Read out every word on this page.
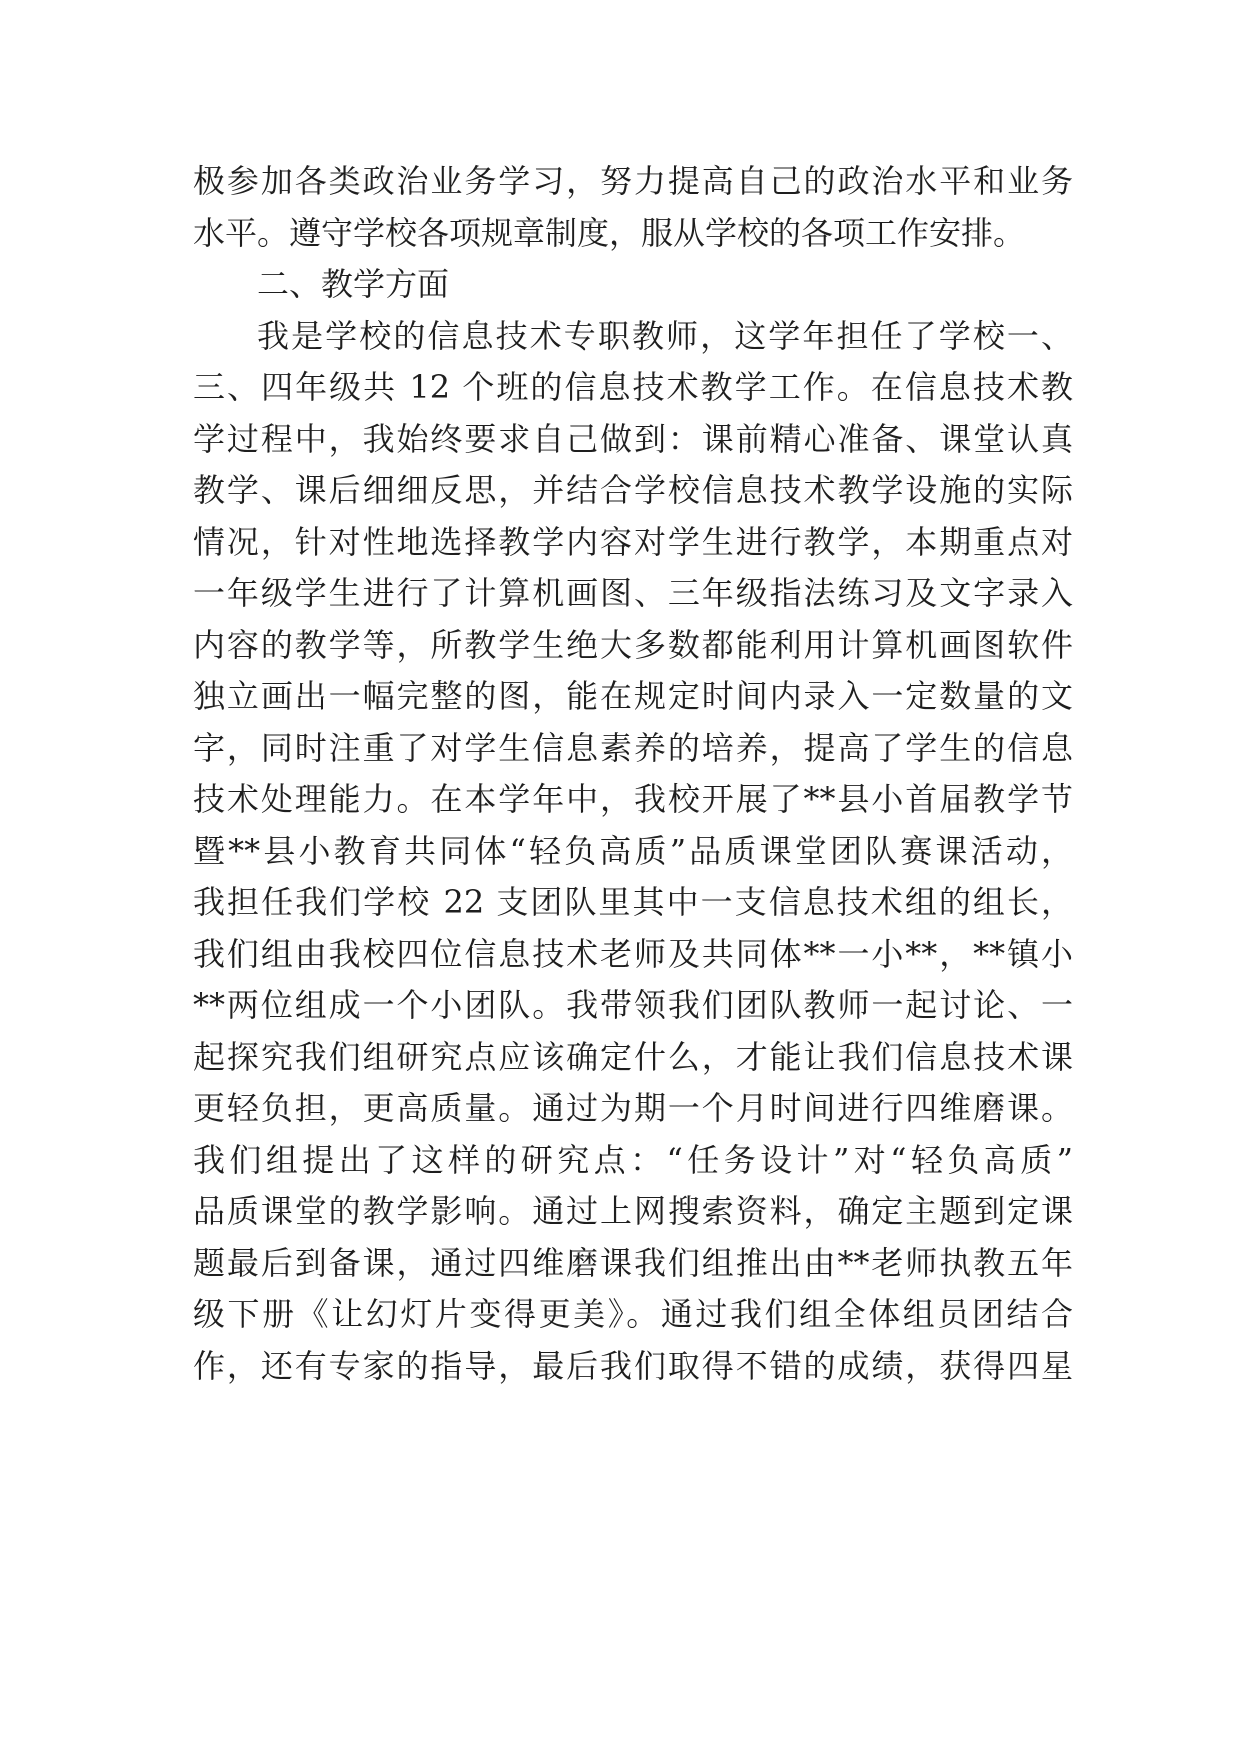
极参加各类政治业务学习，努力提高自己的政治水平和业务
水平。遵守学校各项规章制度，服从学校的各项工作安排。
二、教学方面
我是学校的信息技术专职教师，这学年担任了学校一、
三、四年级共 12 个班的信息技术教学工作。在信息技术教
学过程中，我始终要求自己做到：课前精心准备、课堂认真
教学、课后细细反思，并结合学校信息技术教学设施的实际
情况，针对性地选择教学内容对学生进行教学，本期重点对
一年级学生进行了计算机画图、三年级指法练习及文字录入
内容的教学等，所教学生绝大多数都能利用计算机画图软件
独立画出一幅完整的图，能在规定时间内录入一定数量的文
字，同时注重了对学生信息素养的培养，提高了学生的信息
技术处理能力。在本学年中，我校开展了**县小首届教学节
暨**县小教育共同体“轻负高质”品质课堂团队赛课活动，
我担任我们学校 22 支团队里其中一支信息技术组的组长，
我们组由我校四位信息技术老师及共同体**一小**，**镇小
**两位组成一个小团队。我带领我们团队教师一起讨论、一
起探究我们组研究点应该确定什么，才能让我们信息技术课
更轻负担，更高质量。通过为期一个月时间进行四维磨课。
我们组提出了这样的研究点：“任务设计”对“轻负高质”
品质课堂的教学影响。通过上网搜索资料，确定主题到定课
题最后到备课，通过四维磨课我们组推出由**老师执教五年
级下册《让幻灯片变得更美》。通过我们组全体组员团结合
作，还有专家的指导，最后我们取得不错的成绩，获得四星
